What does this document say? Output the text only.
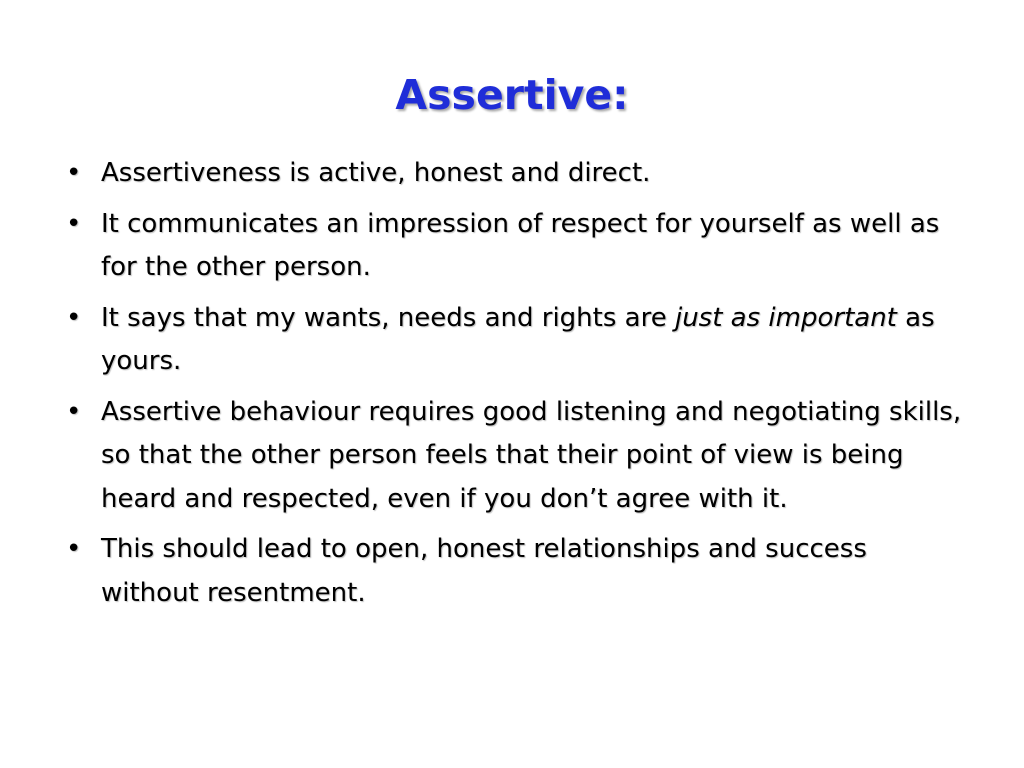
Assertive:
• Assertiveness is active, honest and direct.
• It communicates an impression of respect for yourself as well as for the other person.
• It says that my wants, needs and rights are just as important as yours.
• Assertive behaviour requires good listening and negotiating skills, so that the other person feels that their point of view is being heard and respected, even if you don’t agree with it.
• This should lead to open, honest relationships and success without resentment.
